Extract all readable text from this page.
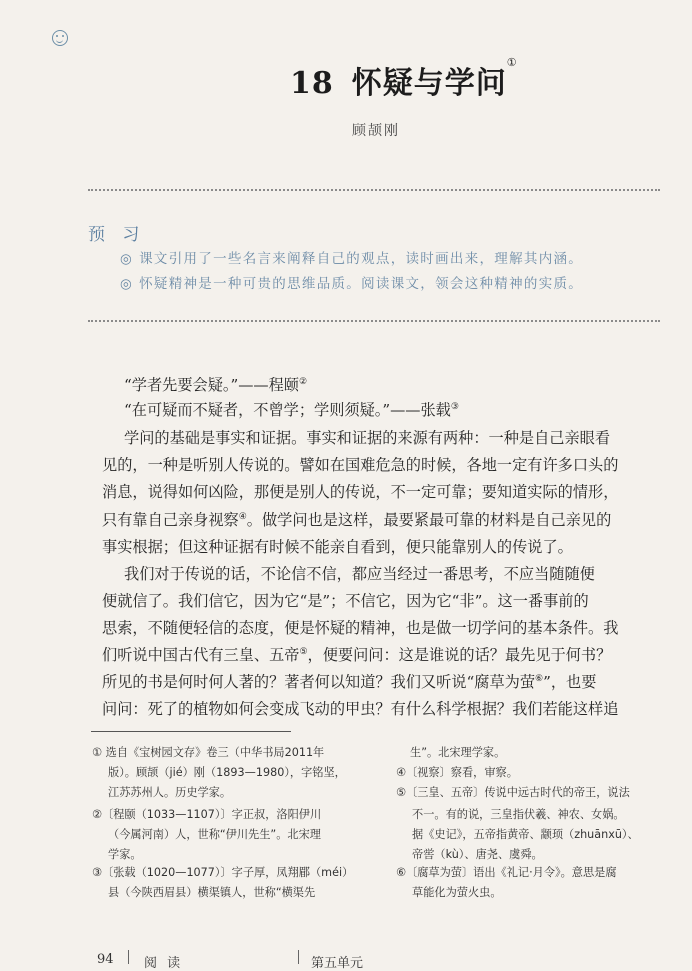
18 怀疑与学问①
顾颉刚
预 习
◎ 课文引用了一些名言来阐释自己的观点，读时画出来，理解其内涵。
◎ 怀疑精神是一种可贵的思维品质。阅读课文，领会这种精神的实质。
“学者先要会疑。”——程颐②
“在可疑而不疑者，不曾学；学则须疑。”——张载③
学问的基础是事实和证据。事实和证据的来源有两种：一种是自己亲眼看
见的，一种是听别人传说的。譬如在国难危急的时候，各地一定有许多口头的
消息，说得如何凶险，那便是别人的传说，不一定可靠；要知道实际的情形，
只有靠自己亲身视察④。做学问也是这样，最要紧最可靠的材料是自己亲见的
事实根据；但这种证据有时候不能亲自看到，便只能靠别人的传说了。
我们对于传说的话，不论信不信，都应当经过一番思考，不应当随随便
便就信了。我们信它，因为它“是”；不信它，因为它“非”。这一番事前的
思索，不随便轻信的态度，便是怀疑的精神，也是做一切学问的基本条件。我
们听说中国古代有三皇、五帝⑤，便要问问：这是谁说的话？最先见于何书？
所见的书是何时何人著的？著者何以知道？我们又听说“腐草为萤⑥”，也要
问问：死了的植物如何会变成飞动的甲虫？有什么科学根据？我们若能这样追
① 选自《宝树园文存》卷三（中华书局2011年
版）。顾颉（jié）刚（1893—1980），字铭坚，
江苏苏州人。历史学家。
②〔程颐（1033—1107）〕字正叔，洛阳伊川
（今属河南）人，世称“伊川先生”。北宋理
学家。
③〔张载（1020—1077）〕字子厚，凤翔郿（méi）
县（今陕西眉县）横渠镇人，世称“横渠先
生”。北宋理学家。
④〔视察〕察看，审察。
⑤〔三皇、五帝〕传说中远古时代的帝王，说法
不一。有的说，三皇指伏羲、神农、女娲。
据《史记》，五帝指黄帝、颛顼（zhuānxū）、
帝喾（kù）、唐尧、虞舜。
⑥〔腐草为萤〕语出《礼记·月令》。意思是腐
草能化为萤火虫。
94 阅 读	第五单元
